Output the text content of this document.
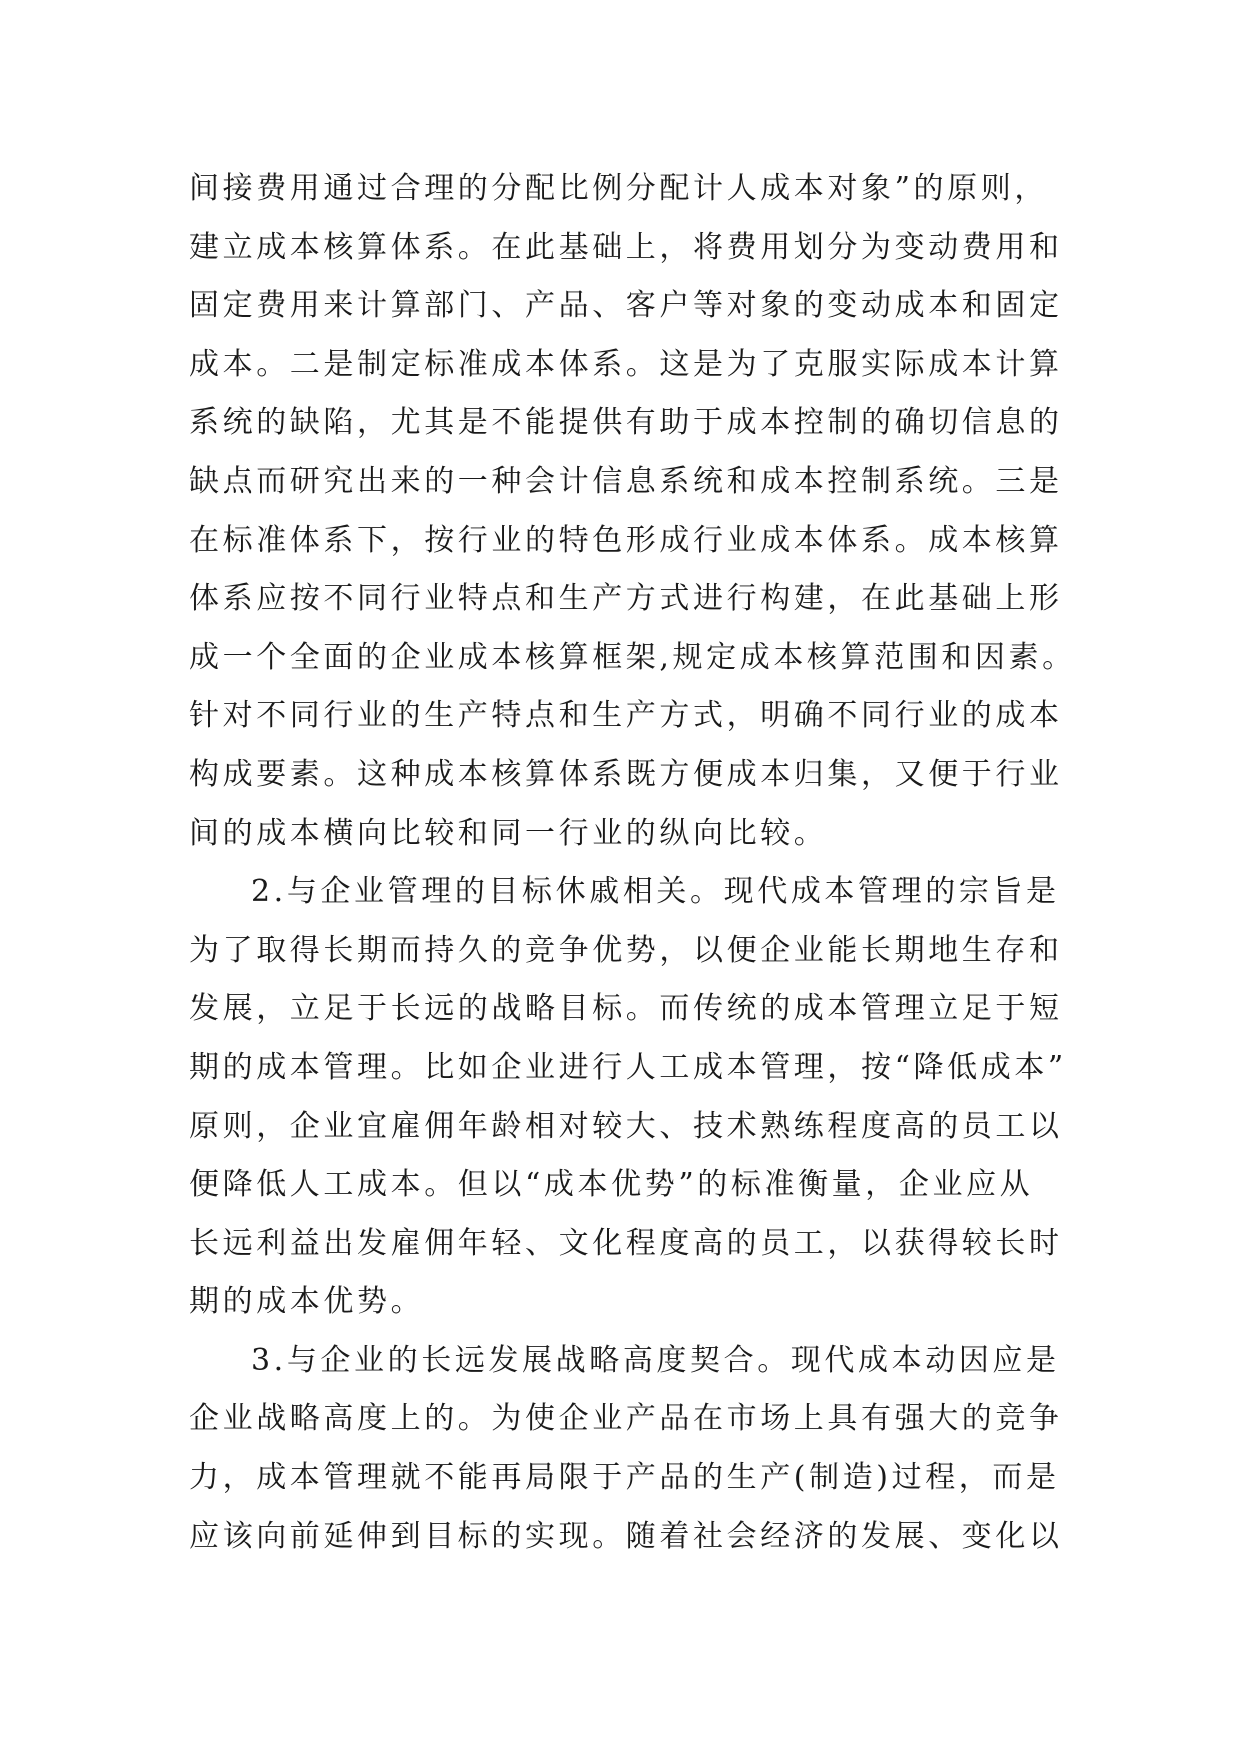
间接费用通过合理的分配比例分配计人成本对象”的原则，
建立成本核算体系。在此基础上，将费用划分为变动费用和
固定费用来计算部门、产品、客户等对象的变动成本和固定
成本。二是制定标准成本体系。这是为了克服实际成本计算
系统的缺陷，尤其是不能提供有助于成本控制的确切信息的
缺点而研究出来的一种会计信息系统和成本控制系统。三是
在标准体系下，按行业的特色形成行业成本体系。成本核算
体系应按不同行业特点和生产方式进行构建，在此基础上形
成一个全面的企业成本核算框架,规定成本核算范围和因素。
针对不同行业的生产特点和生产方式，明确不同行业的成本
构成要素。这种成本核算体系既方便成本归集，又便于行业
间的成本横向比较和同一行业的纵向比较。
2.与企业管理的目标休戚相关。现代成本管理的宗旨是
为了取得长期而持久的竞争优势，以便企业能长期地生存和
发展，立足于长远的战略目标。而传统的成本管理立足于短
期的成本管理。比如企业进行人工成本管理，按“降低成本”
原则，企业宜雇佣年龄相对较大、技术熟练程度高的员工以
便降低人工成本。但以“成本优势”的标准衡量，企业应从
长远利益出发雇佣年轻、文化程度高的员工，以获得较长时
期的成本优势。
3.与企业的长远发展战略高度契合。现代成本动因应是
企业战略高度上的。为使企业产品在市场上具有强大的竞争
力，成本管理就不能再局限于产品的生产(制造)过程，而是
应该向前延伸到目标的实现。随着社会经济的发展、变化以
